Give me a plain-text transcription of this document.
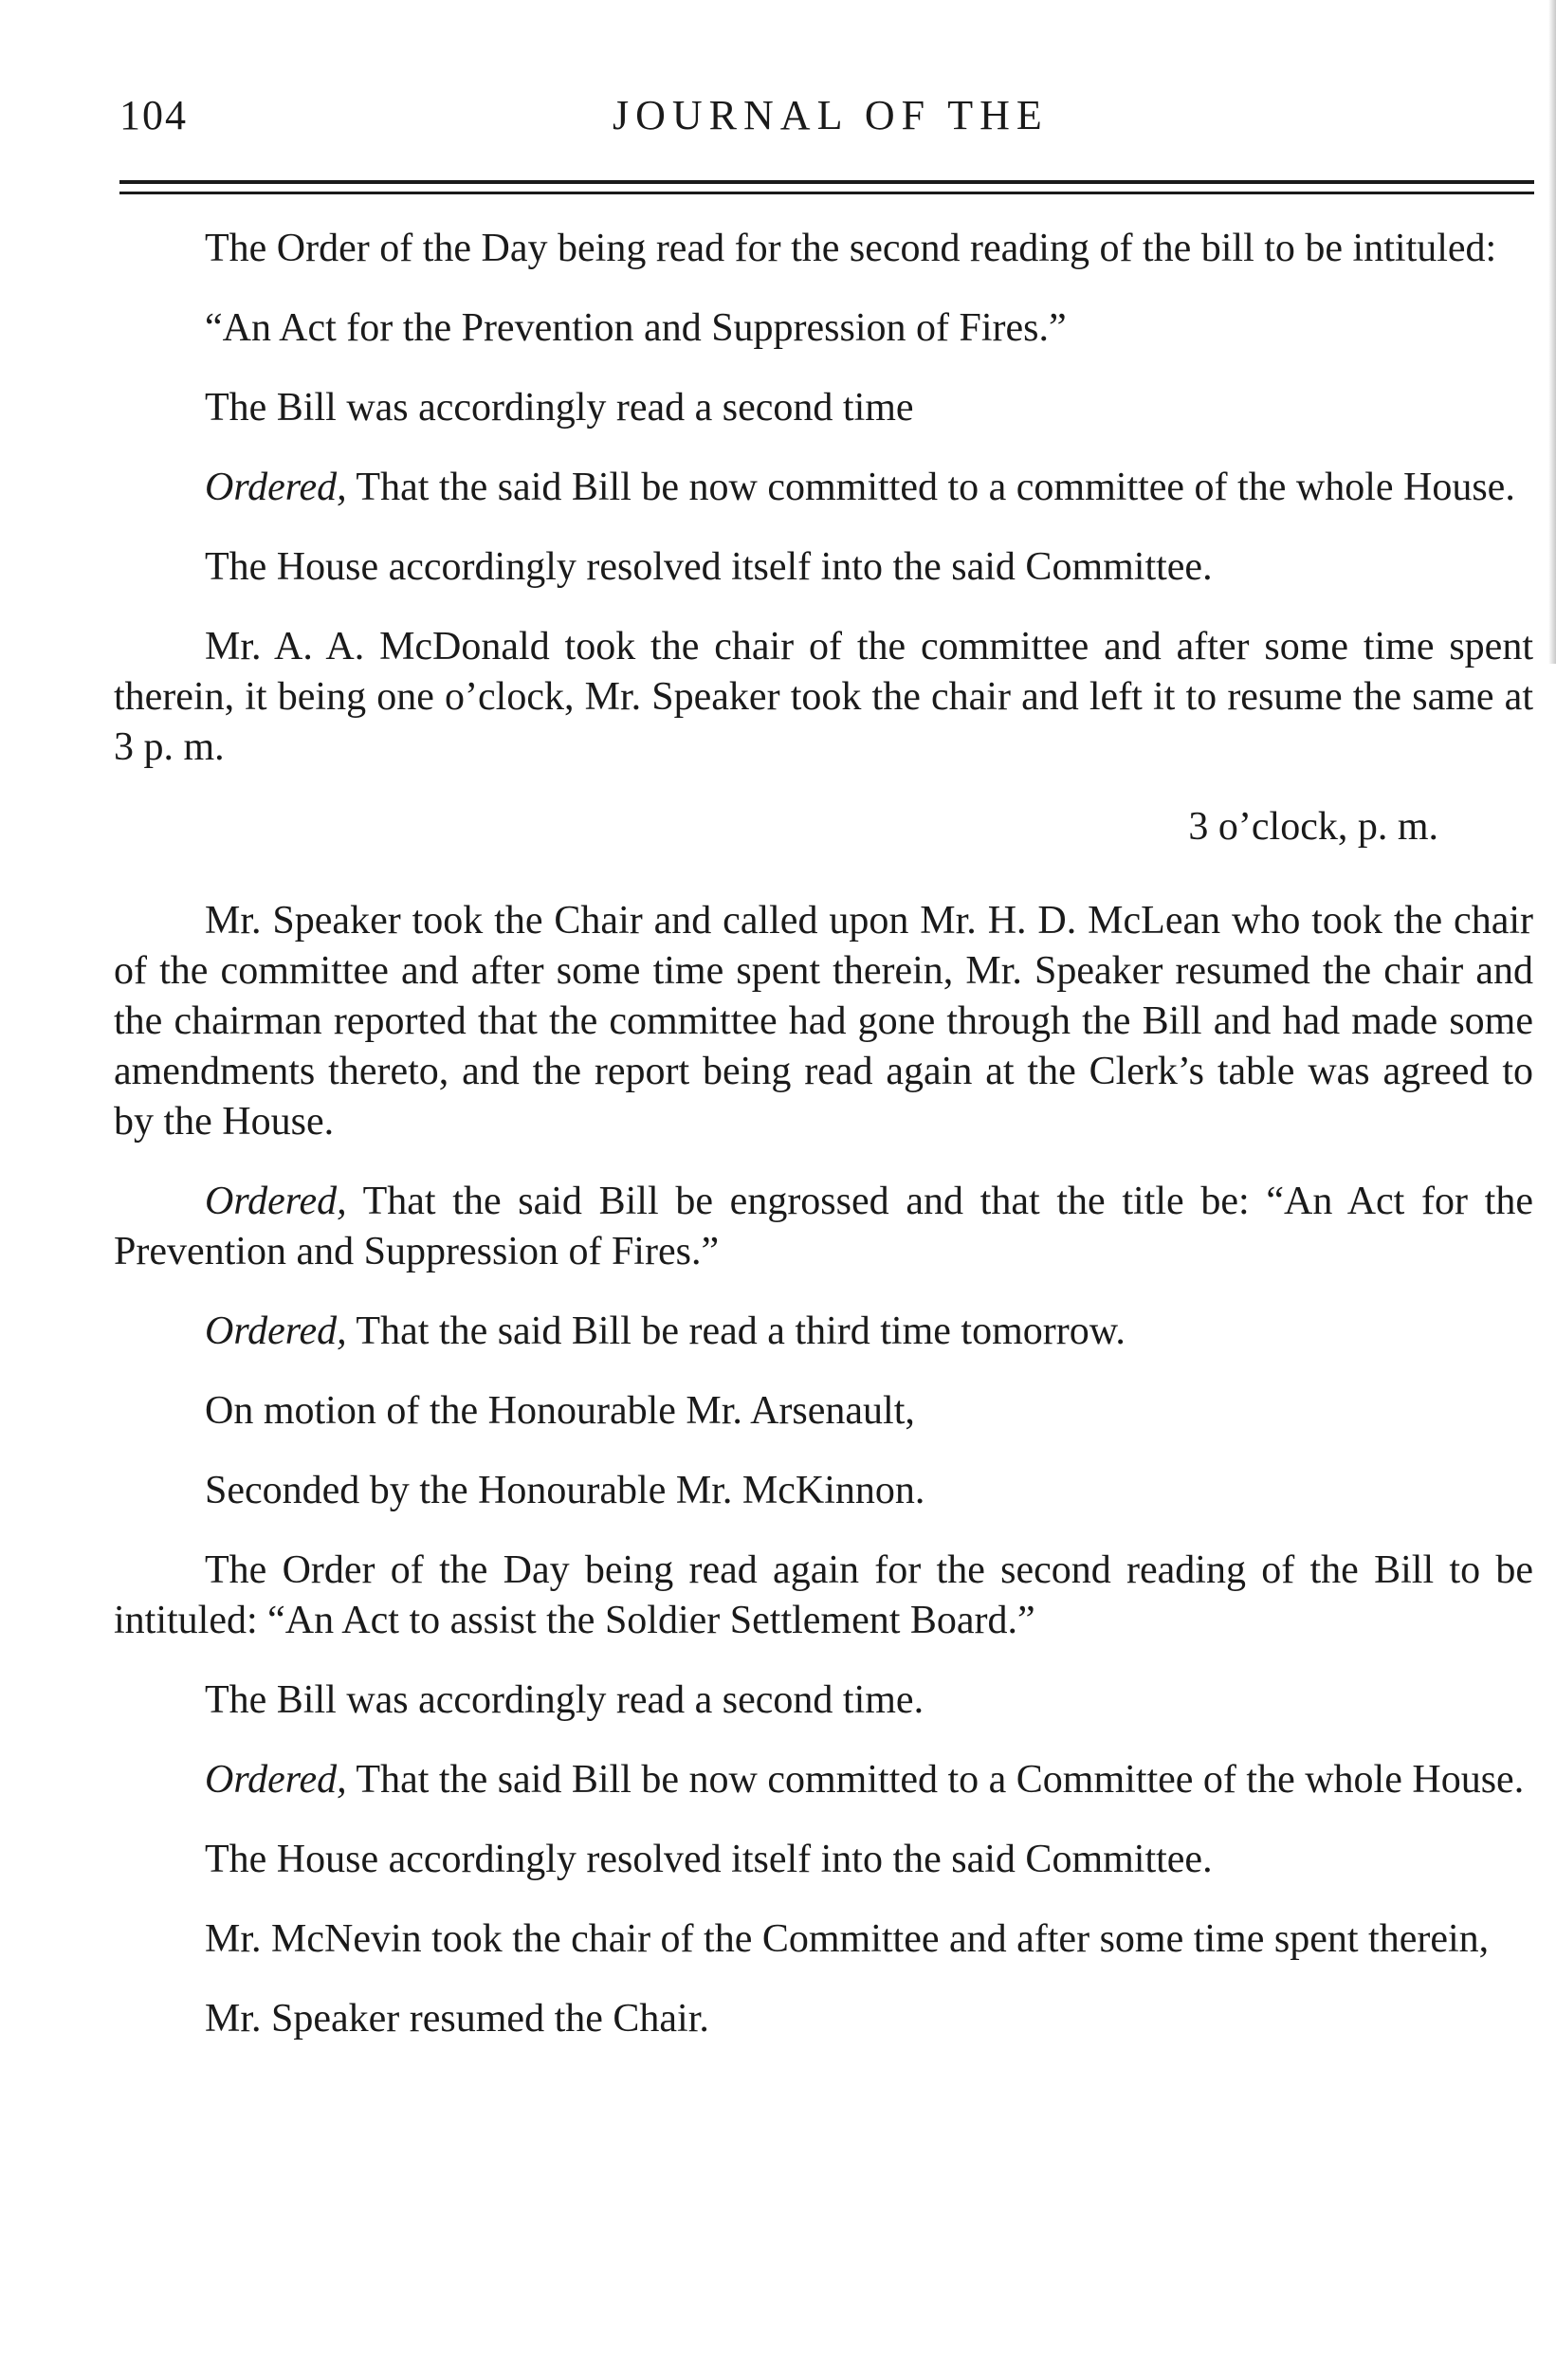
104	JOURNAL OF THE

The Order of the Day being read for the second reading of the bill to be intituled:

“An Act for the Prevention and Suppression of Fires.”

The Bill was accordingly read a second time

Ordered, That the said Bill be now committed to a committee of the whole House.

The House accordingly resolved itself into the said Committee.

Mr. A. A. McDonald took the chair of the committee and after some time spent therein, it being one o’clock, Mr. Speaker took the chair and left it to resume the same at 3 p. m.

3 o’clock, p. m.

Mr. Speaker took the Chair and called upon Mr. H. D. McLean who took the chair of the committee and after some time spent therein, Mr. Speaker resumed the chair and the chairman reported that the committee had gone through the Bill and had made some amendments thereto, and the report being read again at the Clerk’s table was agreed to by the House.

Ordered, That the said Bill be engrossed and that the title be: “An Act for the Prevention and Suppression of Fires.”

Ordered, That the said Bill be read a third time tomorrow.

On motion of the Honourable Mr. Arsenault,

Seconded by the Honourable Mr. McKinnon.

The Order of the Day being read again for the second reading of the Bill to be intituled: “An Act to assist the Soldier Settlement Board.”

The Bill was accordingly read a second time.

Ordered, That the said Bill be now committed to a Committee of the whole House.

The House accordingly resolved itself into the said Committee.

Mr. McNevin took the chair of the Committee and after some time spent therein,

Mr. Speaker resumed the Chair.
